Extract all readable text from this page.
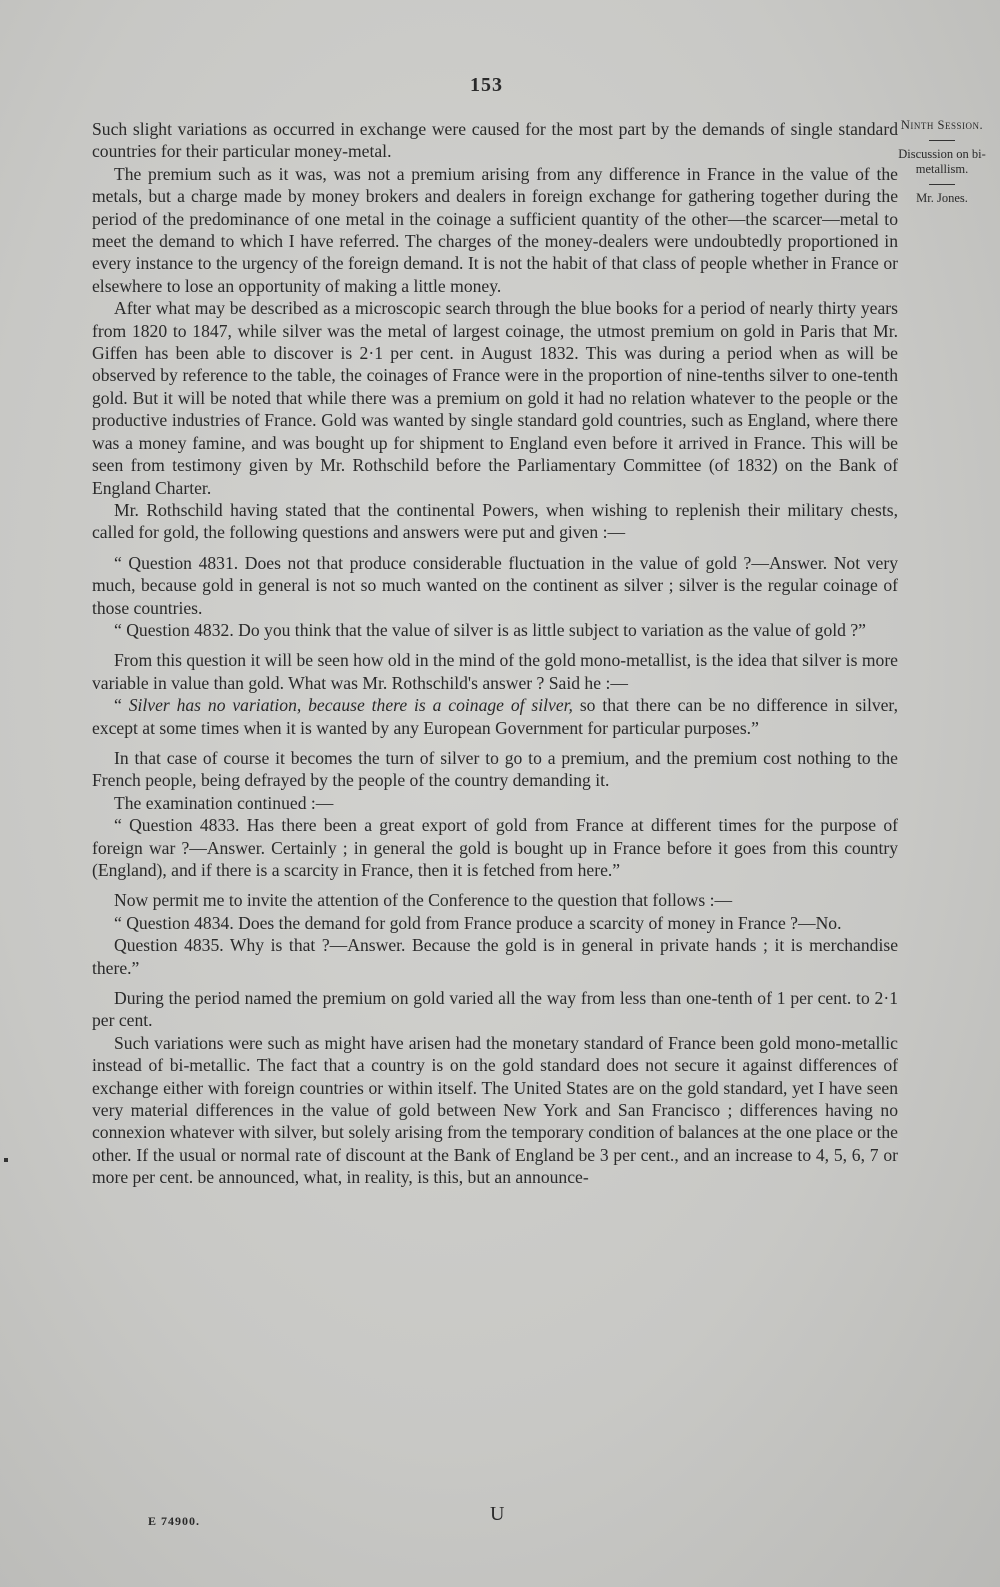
153
Ninth Session.
Discussion on bi-metallism.
Mr. Jones.

Such slight variations as occurred in exchange were caused for the most part by the demands of single standard countries for their particular money-metal.

The premium such as it was, was not a premium arising from any difference in France in the value of the metals, but a charge made by money brokers and dealers in foreign exchange for gathering together during the period of the predominance of one metal in the coinage a sufficient quantity of the other—the scarcer—metal to meet the demand to which I have referred. The charges of the money-dealers were undoubtedly proportioned in every instance to the urgency of the foreign demand. It is not the habit of that class of people whether in France or elsewhere to lose an opportunity of making a little money.

After what may be described as a microscopic search through the blue books for a period of nearly thirty years from 1820 to 1847, while silver was the metal of largest coinage, the utmost premium on gold in Paris that Mr. Giffen has been able to discover is 2·1 per cent. in August 1832. This was during a period when as will be observed by reference to the table, the coinages of France were in the proportion of nine-tenths silver to one-tenth gold. But it will be noted that while there was a premium on gold it had no relation whatever to the people or the productive industries of France. Gold was wanted by single standard gold countries, such as England, where there was a money famine, and was bought up for shipment to England even before it arrived in France. This will be seen from testimony given by Mr. Rothschild before the Parliamentary Committee (of 1832) on the Bank of England Charter.

Mr. Rothschild having stated that the continental Powers, when wishing to replenish their military chests, called for gold, the following questions and answers were put and given :—

“ Question 4831. Does not that produce considerable fluctuation in the value of gold ?—Answer. Not very much, because gold in general is not so much wanted on the continent as silver ; silver is the regular coinage of those countries.

“ Question 4832. Do you think that the value of silver is as little subject to variation as the value of gold ?”

From this question it will be seen how old in the mind of the gold mono-metallist, is the idea that silver is more variable in value than gold. What was Mr. Rothschild's answer ? Said he :—

“ Silver has no variation, because there is a coinage of silver, so that there can be no difference in silver, except at some times when it is wanted by any European Government for particular purposes.”

In that case of course it becomes the turn of silver to go to a premium, and the premium cost nothing to the French people, being defrayed by the people of the country demanding it.

The examination continued :—

“ Question 4833. Has there been a great export of gold from France at different times for the purpose of foreign war ?—Answer. Certainly ; in general the gold is bought up in France before it goes from this country (England), and if there is a scarcity in France, then it is fetched from here.”

Now permit me to invite the attention of the Conference to the question that follows :—

“ Question 4834. Does the demand for gold from France produce a scarcity of money in France ?—No.

Question 4835. Why is that ?—Answer. Because the gold is in general in private hands ; it is merchandise there.”

During the period named the premium on gold varied all the way from less than one-tenth of 1 per cent. to 2·1 per cent.

Such variations were such as might have arisen had the monetary standard of France been gold mono-metallic instead of bi-metallic. The fact that a country is on the gold standard does not secure it against differences of exchange either with foreign countries or within itself. The United States are on the gold standard, yet I have seen very material differences in the value of gold between New York and San Francisco ; differences having no connexion whatever with silver, but solely arising from the temporary condition of balances at the one place or the other. If the usual or normal rate of discount at the Bank of England be 3 per cent., and an increase to 4, 5, 6, 7 or more per cent. be announced, what, in reality, is this, but an announce-

E 74900.	U
